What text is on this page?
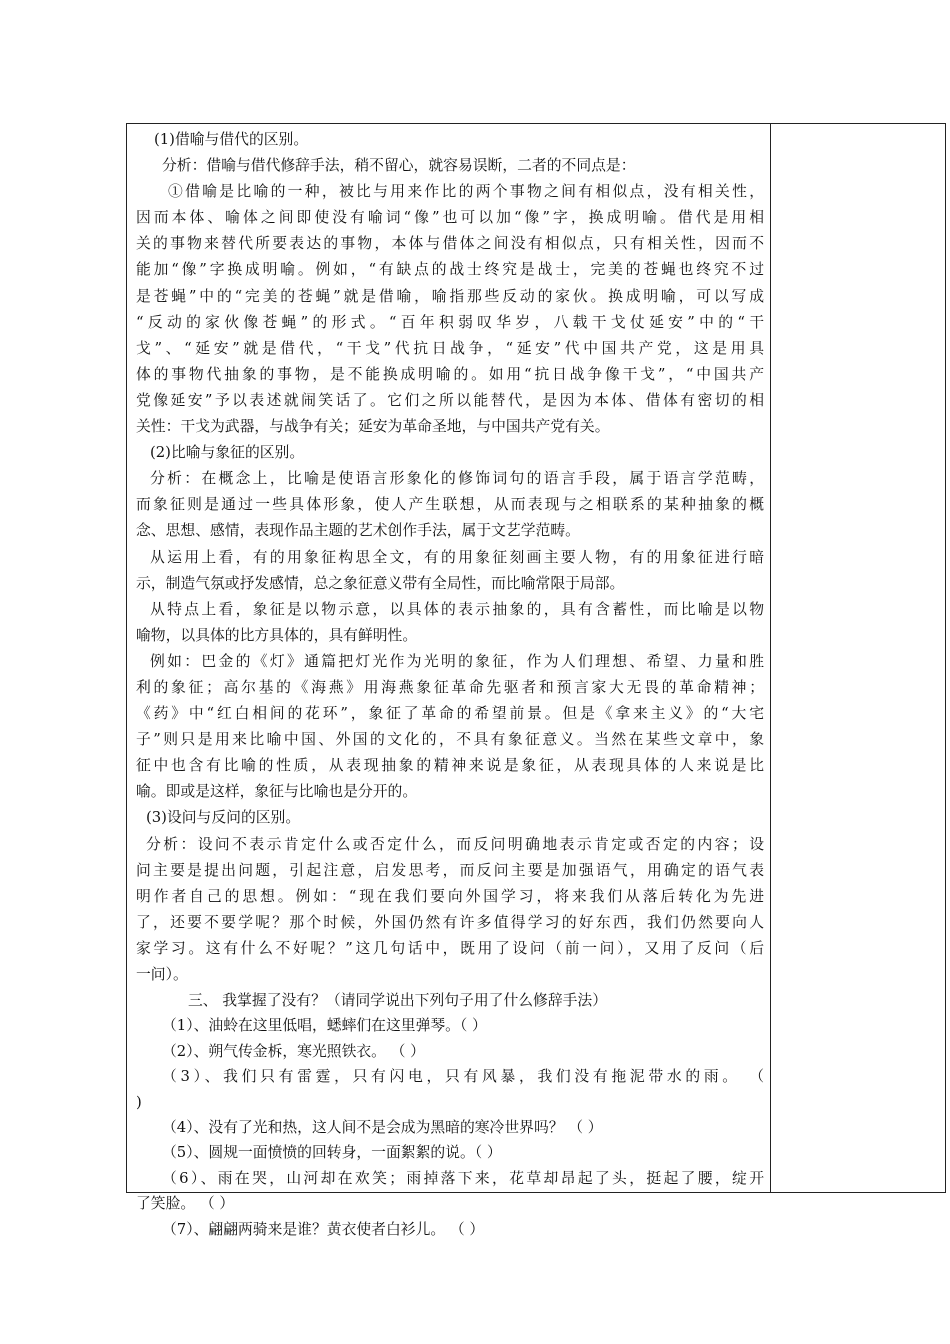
(1)借喻与借代的区别。
分析：借喻与借代修辞手法，稍不留心，就容易误断，二者的不同点是：
①借喻是比喻的一种，被比与用来作比的两个事物之间有相似点，没有相关性，
因而本体、喻体之间即使没有喻词“像”也可以加“像”字，换成明喻。借代是用相
关的事物来替代所要表达的事物，本体与借体之间没有相似点，只有相关性，因而不
能加“像”字换成明喻。例如，“有缺点的战士终究是战士，完美的苍蝇也终究不过
是苍蝇”中的“完美的苍蝇”就是借喻，喻指那些反动的家伙。换成明喻，可以写成
“反动的家伙像苍蝇”的形式。“百年积弱叹华岁，八载干戈仗延安”中的“干
戈”、“延安”就是借代，“干戈”代抗日战争，“延安”代中国共产党，这是用具
体的事物代抽象的事物，是不能换成明喻的。如用“抗日战争像干戈”，“中国共产
党像延安”予以表述就闹笑话了。它们之所以能替代，是因为本体、借体有密切的相
关性：干戈为武器，与战争有关；延安为革命圣地，与中国共产党有关。
(2)比喻与象征的区别。
分析：在概念上，比喻是使语言形象化的修饰词句的语言手段，属于语言学范畴，
而象征则是通过一些具体形象，使人产生联想，从而表现与之相联系的某种抽象的概
念、思想、感情，表现作品主题的艺术创作手法，属于文艺学范畴。
从运用上看，有的用象征构思全文，有的用象征刻画主要人物，有的用象征进行暗
示，制造气氛或抒发感情，总之象征意义带有全局性，而比喻常限于局部。
从特点上看，象征是以物示意，以具体的表示抽象的，具有含蓄性，而比喻是以物
喻物，以具体的比方具体的，具有鲜明性。
例如：巴金的《灯》通篇把灯光作为光明的象征，作为人们理想、希望、力量和胜
利的象征；高尔基的《海燕》用海燕象征革命先驱者和预言家大无畏的革命精神；
《药》中“红白相间的花环”，象征了革命的希望前景。但是《拿来主义》的“大宅
子”则只是用来比喻中国、外国的文化的，不具有象征意义。当然在某些文章中，象
征中也含有比喻的性质，从表现抽象的精神来说是象征，从表现具体的人来说是比
喻。即或是这样，象征与比喻也是分开的。
(3)设问与反问的区别。
分析：设问不表示肯定什么或否定什么，而反问明确地表示肯定或否定的内容；设
问主要是提出问题，引起注意，启发思考，而反问主要是加强语气，用确定的语气表
明作者自己的思想。例如：“现在我们要向外国学习，将来我们从落后转化为先进
了，还要不要学呢？那个时候，外国仍然有许多值得学习的好东西，我们仍然要向人
家学习。这有什么不好呢？”这几句话中，既用了设问（前一问），又用了反问（后
一问）。
三、 我掌握了没有？（请同学说出下列句子用了什么修辞手法）
（1）、油蛉在这里低唱，蟋蟀们在这里弹琴。（ ）
（2）、朔气传金柝，寒光照铁衣。 （ ）
（3）、我们只有雷霆，只有闪电，只有风暴，我们没有拖泥带水的雨。 （
)
（4）、没有了光和热，这人间不是会成为黑暗的寒冷世界吗？ （ ）
（5）、圆规一面愤愤的回转身，一面絮絮的说。（ ）
（6）、雨在哭，山河却在欢笑；雨掉落下来，花草却昂起了头，挺起了腰，绽开
了笑脸。 （ ）
（7）、翩翩两骑来是谁？黄衣使者白衫儿。 （ ）
